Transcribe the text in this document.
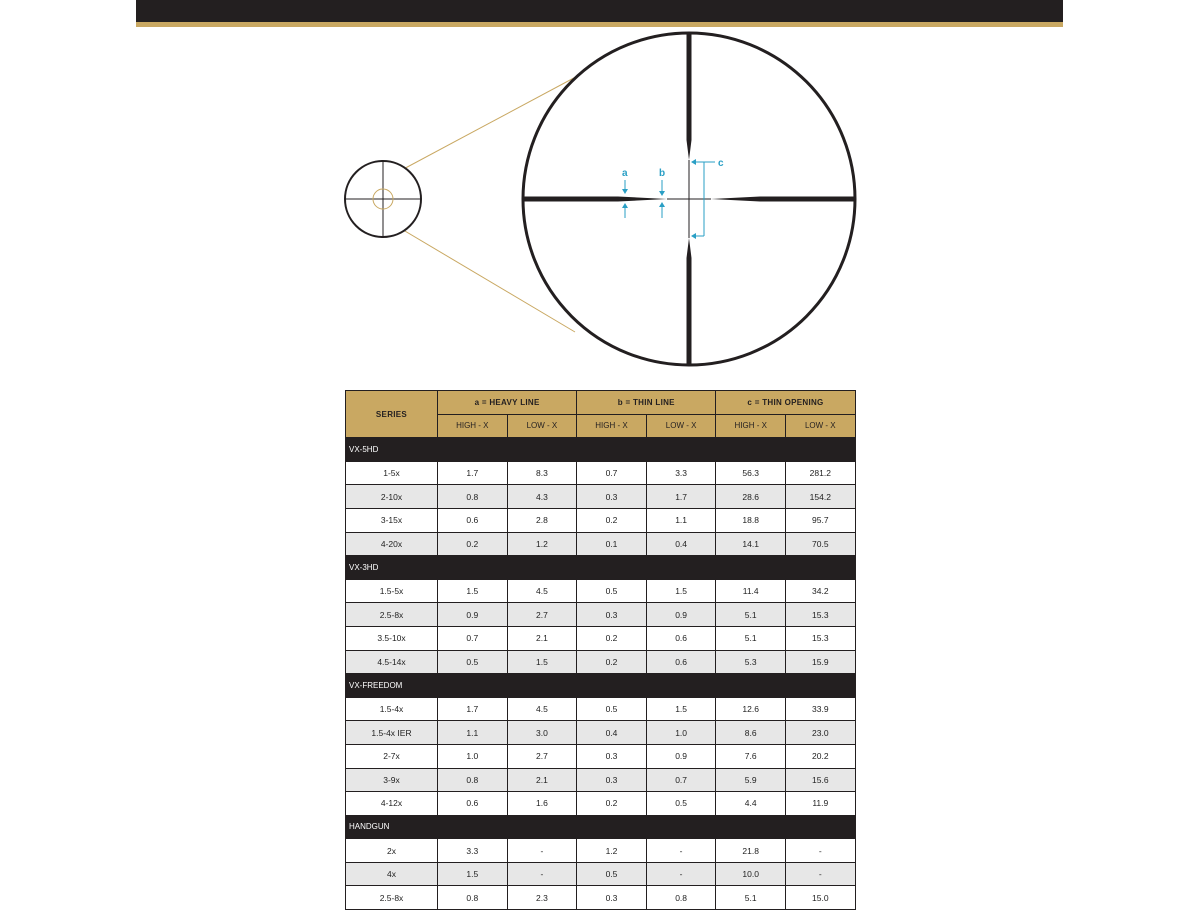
a	b
c
SERIES	a = HEAVY LINE		b = THIN LINE		c = THIN OPENING	
	HIGH - X	LOW - X	HIGH - X	LOW - X	HIGH - X	LOW - X
VX-5HD						
1-5x	1.7	8.3	0.7	3.3	56.3	281.2
2-10x	0.8	4.3	0.3	1.7	28.6	154.2
3-15x	0.6	2.8	0.2	1.1	18.8	95.7
4-20x	0.2	1.2	0.1	0.4	14.1	70.5
VX-3HD						
1.5-5x	1.5	4.5	0.5	1.5	11.4	34.2
2.5-8x	0.9	2.7	0.3	0.9	5.1	15.3
3.5-10x	0.7	2.1	0.2	0.6	5.1	15.3
4.5-14x	0.5	1.5	0.2	0.6	5.3	15.9
VX-FREEDOM						
1.5-4x	1.7	4.5	0.5	1.5	12.6	33.9
1.5-4x IER	1.1	3.0	0.4	1.0	8.6	23.0
2-7x	1.0	2.7	0.3	0.9	7.6	20.2
3-9x	0.8	2.1	0.3	0.7	5.9	15.6
4-12x	0.6	1.6	0.2	0.5	4.4	11.9
HANDGUN						
2x	3.3	-	1.2	-	21.8	-
4x	1.5	-	0.5	-	10.0	-
2.5-8x	0.8	2.3	0.3	0.8	5.1	15.0
